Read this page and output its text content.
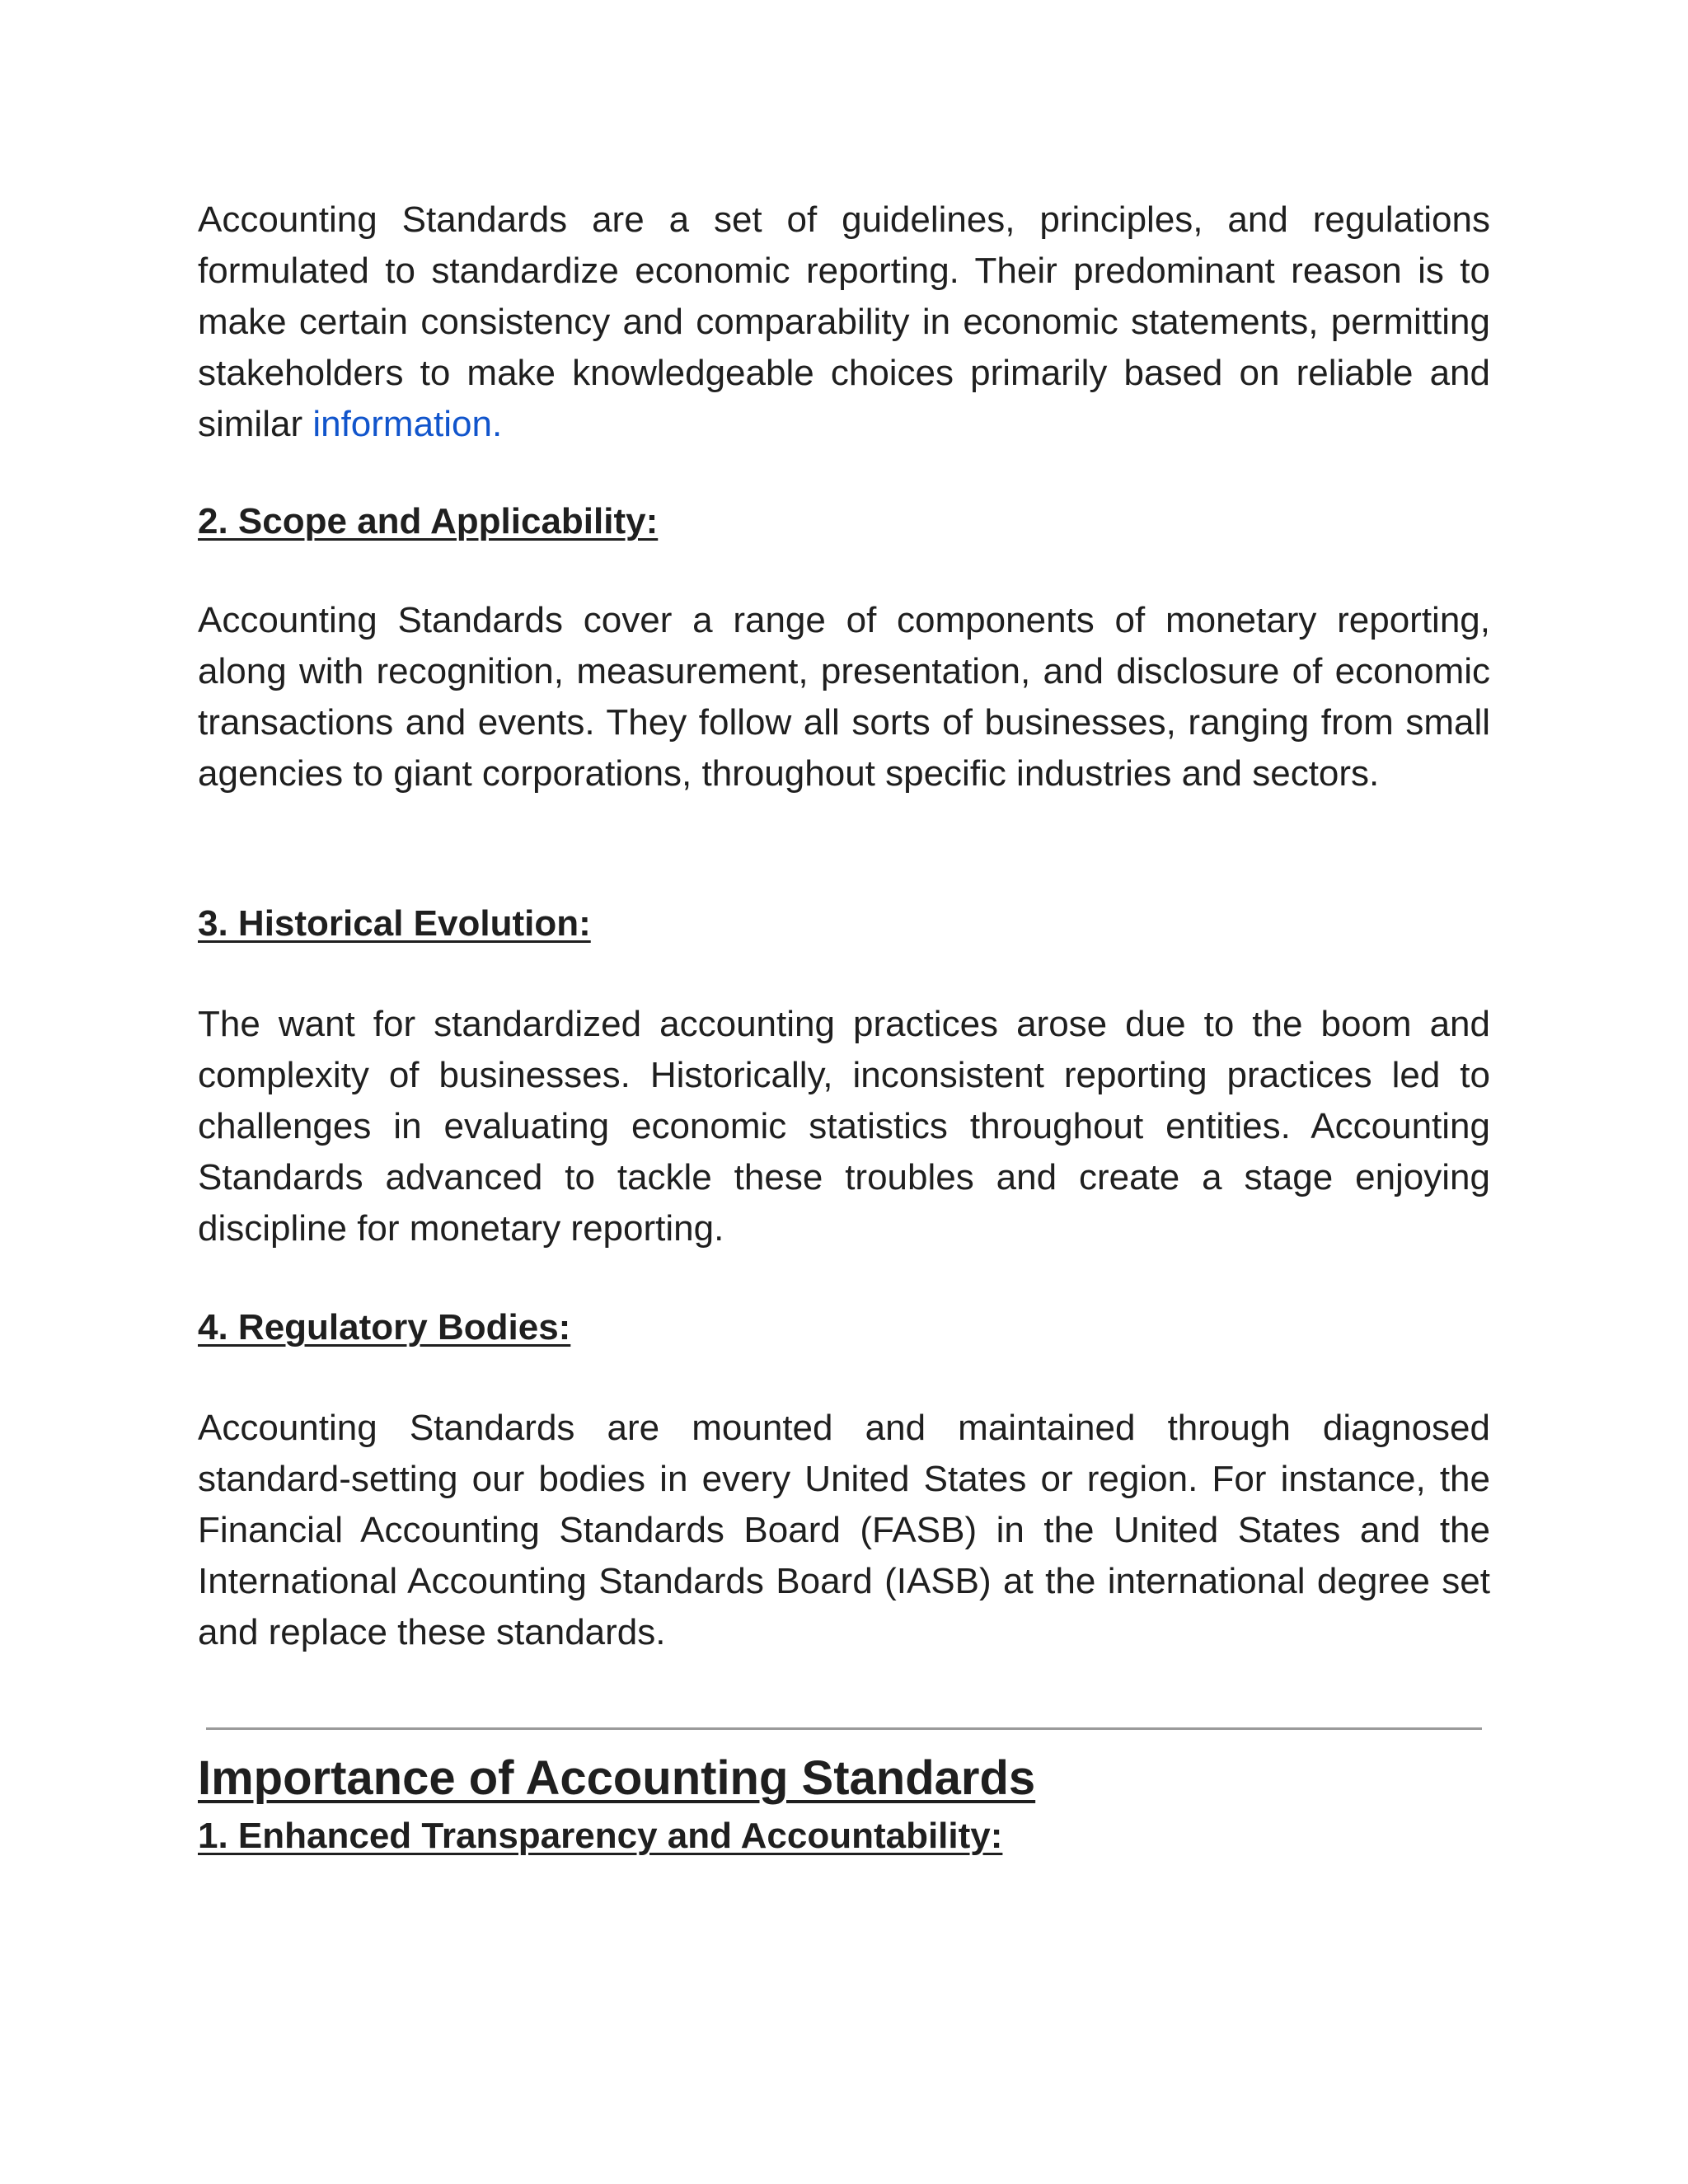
Accounting Standards are a set of guidelines, principles, and regulations formulated to standardize economic reporting. Their predominant reason is to make certain consistency and comparability in economic statements, permitting stakeholders to make knowledgeable choices primarily based on reliable and similar information.

2. Scope and Applicability:

Accounting Standards cover a range of components of monetary reporting, along with recognition, measurement, presentation, and disclosure of economic transactions and events. They follow all sorts of businesses, ranging from small agencies to giant corporations, throughout specific industries and sectors.

3. Historical Evolution:

The want for standardized accounting practices arose due to the boom and complexity of businesses. Historically, inconsistent reporting practices led to challenges in evaluating economic statistics throughout entities. Accounting Standards advanced to tackle these troubles and create a stage enjoying discipline for monetary reporting.

4. Regulatory Bodies:

Accounting Standards are mounted and maintained through diagnosed standard-setting our bodies in every United States or region. For instance, the Financial Accounting Standards Board (FASB) in the United States and the International Accounting Standards Board (IASB) at the international degree set and replace these standards.

Importance of Accounting Standards
1. Enhanced Transparency and Accountability:
